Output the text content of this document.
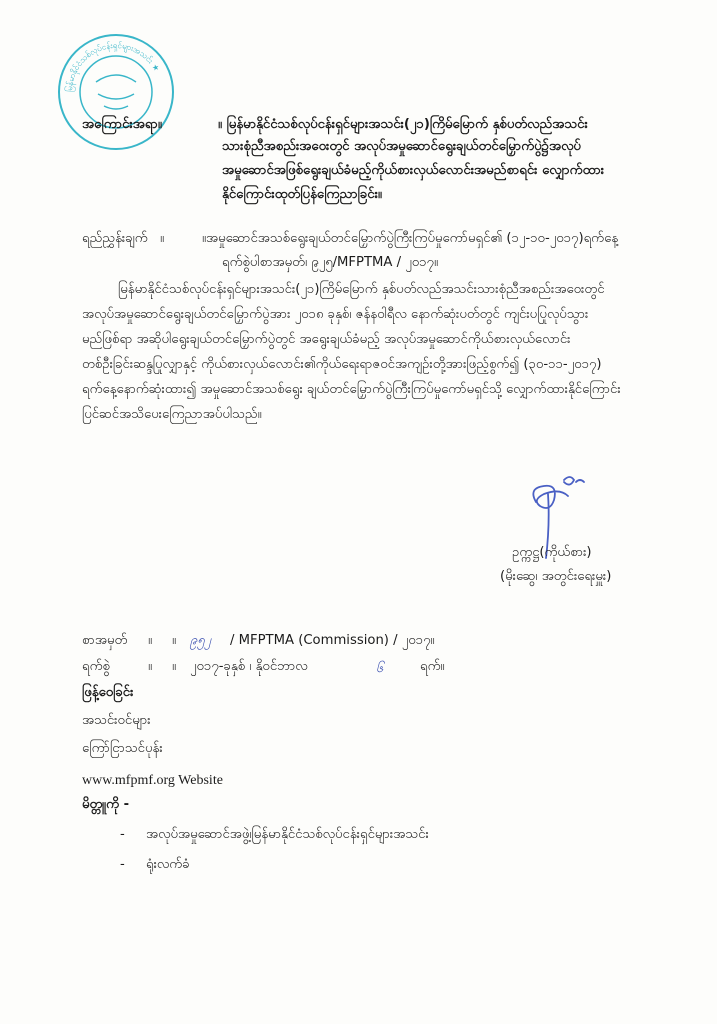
မြန်မာနိုင်ငံသစ်လုပ်ငန်းရှင်များအသင်း ★
အကြောင်းအရာ။	။ မြန်မာနိုင်ငံသစ်လုပ်ငန်းရှင်များအသင်း(၂၁)ကြိမ်မြောက် နှစ်ပတ်လည်အသင်း
သားစုံညီအစည်းအဝေးတွင် အလုပ်အမှုဆောင်ရွေးချယ်တင်မြှောက်ပွဲ၌အလုပ်
အမှုဆောင်အဖြစ်ရွေးချယ်ခံမည့်ကိုယ်စားလှယ်လောင်းအမည်စာရင်း လျှောက်ထား
နိုင်ကြောင်းထုတ်ပြန်ကြေညာခြင်း။
ရည်ညွှန်းချက် ။	။အမှုဆောင်အသစ်ရွေးချယ်တင်မြှောက်ပွဲကြီးကြပ်မှုကော်မရှင်၏ (၁၂-၁၀-၂၀၁၇)ရက်နေ့
ရက်စွဲပါစာအမှတ်၊ ၉၂၅/MFPTMA / ၂၀၁၇။
မြန်မာနိုင်ငံသစ်လုပ်ငန်းရှင်များအသင်း(၂၁)ကြိမ်မြောက် နှစ်ပတ်လည်အသင်းသားစုံညီအစည်းအဝေးတွင်
အလုပ်အမှုဆောင်ရွေးချယ်တင်မြှောက်ပွဲအား ၂၀၁၈ ခုနှစ်၊ ဇန်နဝါရီလ နောက်ဆုံးပတ်တွင် ကျင်းပပြုလုပ်သွား
မည်ဖြစ်ရာ အဆိုပါရွေးချယ်တင်မြှောက်ပွဲတွင် အရွေးချယ်ခံမည့် အလုပ်အမှုဆောင်ကိုယ်စားလှယ်လောင်း
တစ်ဦးခြင်းဆန္ဒပြုလျှာနှင့် ကိုယ်စားလှယ်လောင်း၏ကိုယ်ရေးရာဇဝင်အကျဉ်းတို့အားဖြည့်စွက်၍ (၃၀-၁၁-၂၀၁၇)
ရက်နေ့နောက်ဆုံးထား၍ အမှုဆောင်အသစ်ရွေး ချယ်တင်မြှောက်ပွဲကြီးကြပ်မှုကော်မရှင်သို့ လျှောက်ထားနိုင်ကြောင်း
ပြင်ဆင်အသိပေးကြေညာအပ်ပါသည်။
ဥက္ကဋ္ဌ(ကိုယ်စား)
(မိုးဆွေ၊ အတွင်းရေးမှူး)
စာအမှတ် ။ ။ ၉၅၂ / MFPTMA (Commission) / ၂၀၁၇။
ရက်စွဲ	။ ။ ၂၀၁၇-ခုနှစ် ၊ နိုဝင်ဘာလ	၆	ရက်။
ဖြန့်ဝေခြင်း
အသင်းဝင်များ
ကြော်ငြာသင်ပုန်း
www.mfpmf.org Website
မိတ္တူကို -
- အလုပ်အမှုဆောင်အဖွဲ့၊မြန်မာနိုင်ငံသစ်လုပ်ငန်းရှင်များအသင်း
- ရုံးလက်ခံ
